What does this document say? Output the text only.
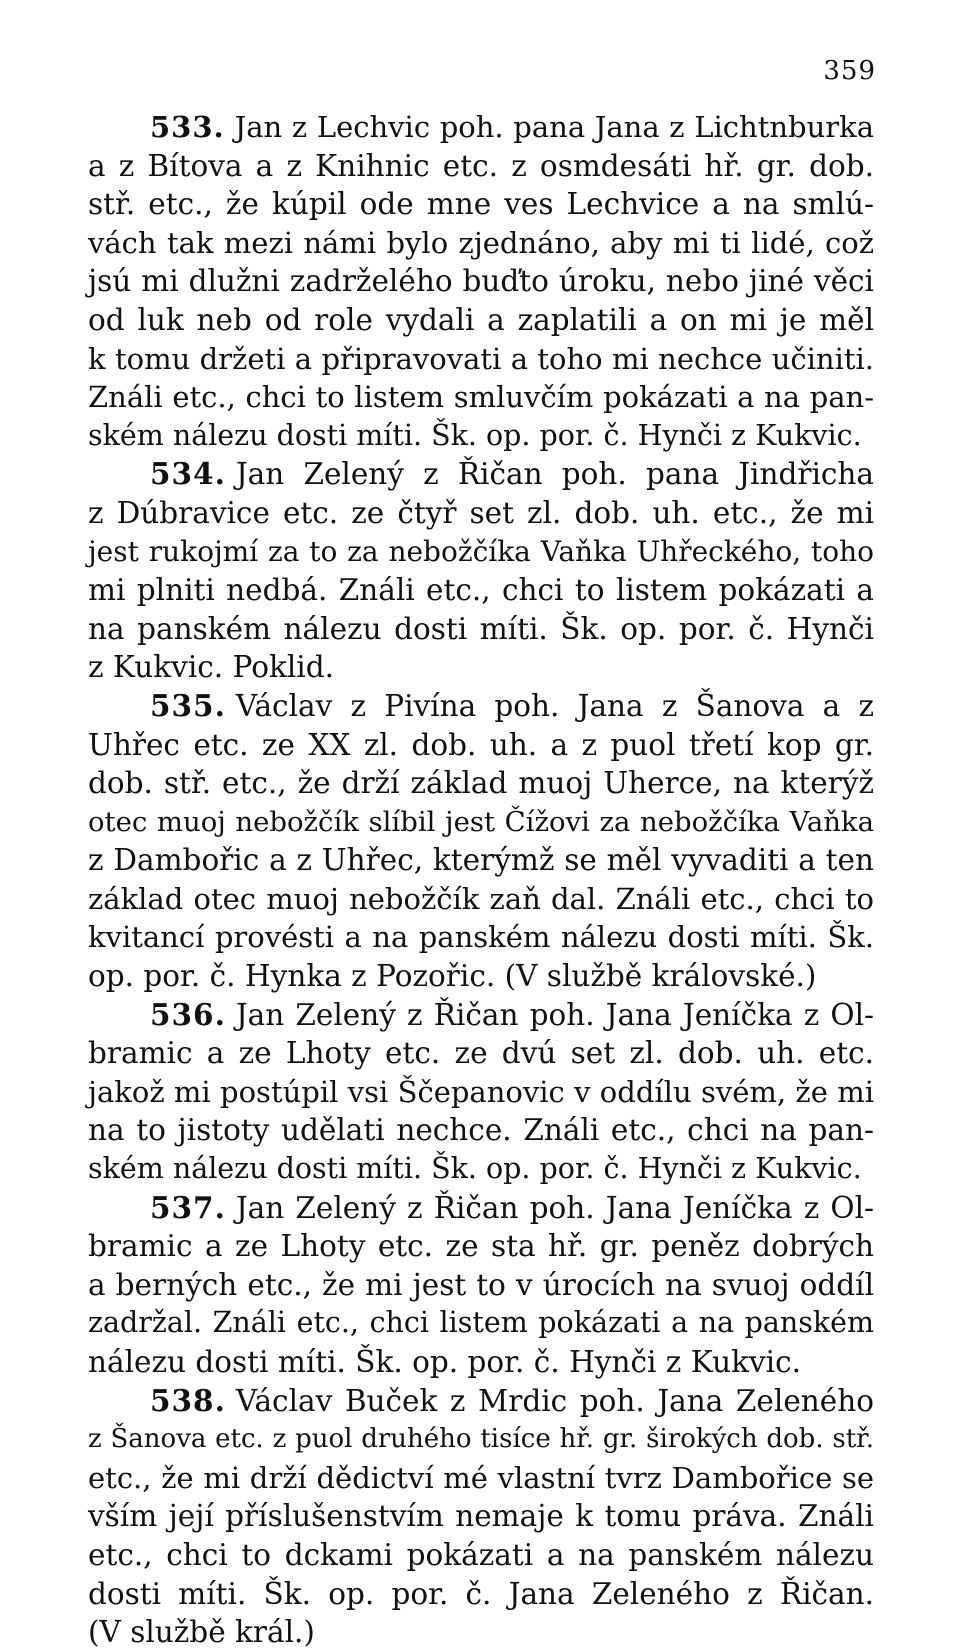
359
533. Jan z Lechvic poh. pana Jana z Lichtnburka
a z Bítova a z Knihnic etc. z osmdesáti hř. gr. dob.
stř. etc., že kúpil ode mne ves Lechvice a na smlú-
vách tak mezi námi bylo zjednáno, aby mi ti lidé, což
jsú mi dlužni zadrželého buďto úroku, nebo jiné věci
od luk neb od role vydali a zaplatili a on mi je měl
k tomu držeti a připravovati a toho mi nechce učiniti.
Ználi etc., chci to listem smluvčím pokázati a na pan-
ském nálezu dosti míti. Šk. op. por. č. Hynči z Kukvic.
534. Jan Zelený z Řičan poh. pana Jindřicha
z Dúbravice etc. ze čtyř set zl. dob. uh. etc., že mi
jest rukojmí za to za nebožčíka Vaňka Uhřeckého, toho
mi plniti nedbá. Ználi etc., chci to listem pokázati a
na panském nálezu dosti míti. Šk. op. por. č. Hynči
z Kukvic. Poklid.
535. Václav z Pivína poh. Jana z Šanova a z
Uhřec etc. ze XX zl. dob. uh. a z puol třetí kop gr.
dob. stř. etc., že drží základ muoj Uherce, na kterýž
otec muoj nebožčík slíbil jest Čížovi za nebožčíka Vaňka
z Dambořic a z Uhřec, kterýmž se měl vyvaditi a ten
základ otec muoj nebožčík zaň dal. Ználi etc., chci to
kvitancí provésti a na panském nálezu dosti míti. Šk.
op. por. č. Hynka z Pozořic. (V službě královské.)
536. Jan Zelený z Řičan poh. Jana Jeníčka z Ol-
bramic a ze Lhoty etc. ze dvú set zl. dob. uh. etc.
jakož mi postúpil vsi Ščepanovic v oddílu svém, že mi
na to jistoty udělati nechce. Ználi etc., chci na pan-
ském nálezu dosti míti. Šk. op. por. č. Hynči z Kukvic.
537. Jan Zelený z Řičan poh. Jana Jeníčka z Ol-
bramic a ze Lhoty etc. ze sta hř. gr. peněz dobrých
a berných etc., že mi jest to v úrocích na svuoj oddíl
zadržal. Ználi etc., chci listem pokázati a na panském
nálezu dosti míti. Šk. op. por. č. Hynči z Kukvic.
538. Václav Buček z Mrdic poh. Jana Zeleného
z Šanova etc. z puol druhého tisíce hř. gr. širokých dob. stř.
etc., že mi drží dědictví mé vlastní tvrz Dambořice se
vším její příslušenstvím nemaje k tomu práva. Ználi
etc., chci to dckami pokázati a na panském nálezu
dosti míti. Šk. op. por. č. Jana Zeleného z Řičan.
(V službě král.)
